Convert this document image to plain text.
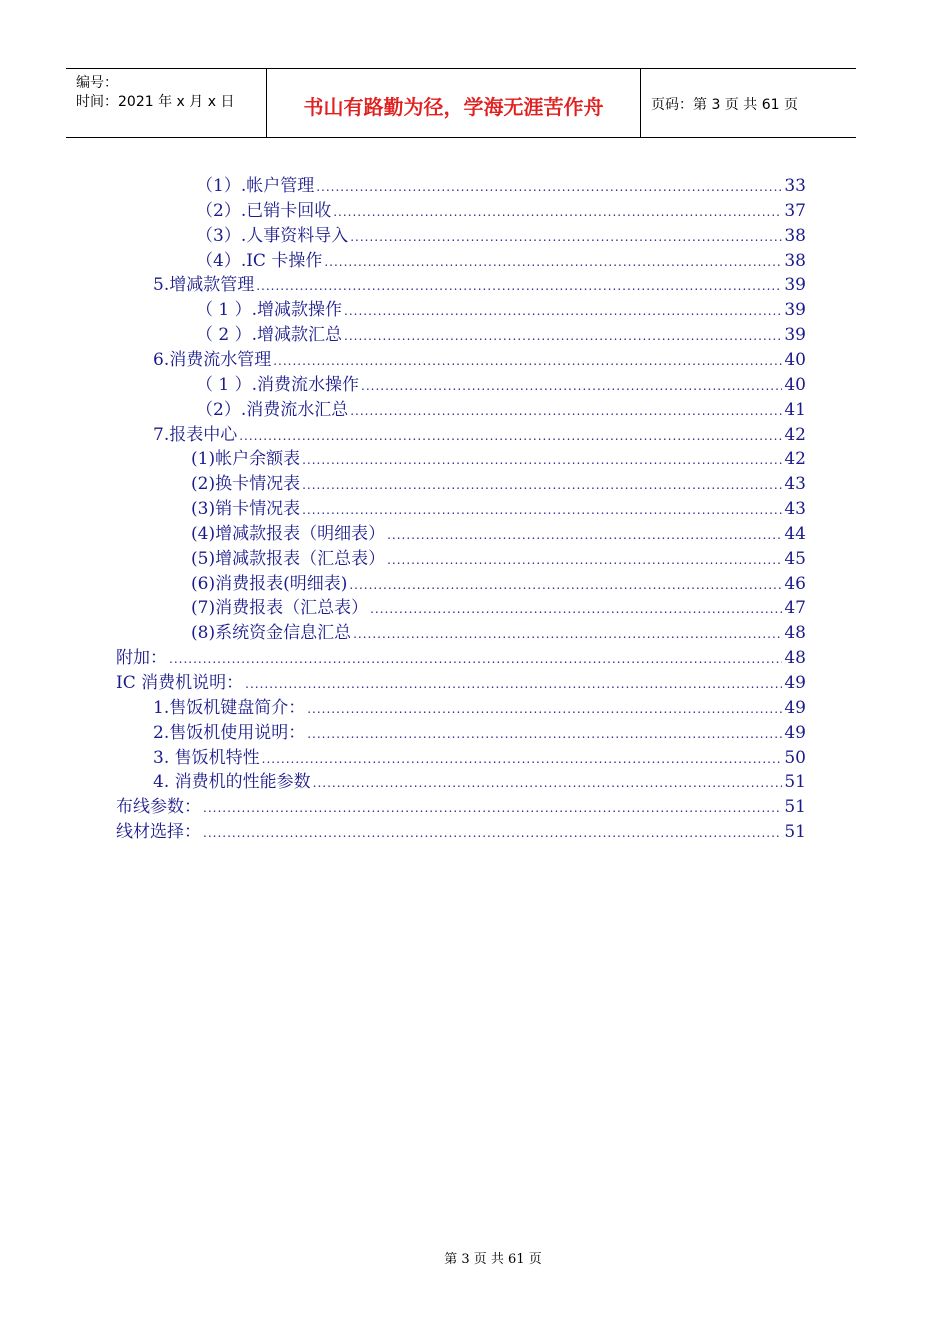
编号：
时间：2021 年 x 月 x 日	书山有路勤为径，学海无涯苦作舟	页码：第 3 页 共 61 页
（1）.帐户管理 .....	33
（2）.已销卡回收 .....	37
（3）.人事资料导入 .....	38
（4）.IC 卡操作 .....	38
5.增减款管理 .....	39
（ 1 ）.增减款操作 .....	39
（ 2 ）.增减款汇总 .....	39
6.消费流水管理 .....	40
（ 1 ）.消费流水操作 .....	40
（2）.消费流水汇总 .....	41
7.报表中心 .....	42
(1)帐户余额表 .....	42
(2)换卡情况表 .....	43
(3)销卡情况表 .....	43
(4)增减款报表（明细表） .....	44
(5)增减款报表（汇总表） .....	45
(6)消费报表(明细表) .....	46
(7)消费报表（汇总表） .....	47
(8)系统资金信息汇总 .....	48
附加： .....	48
IC 消费机说明： .....	49
1.售饭机键盘简介： .....	49
2.售饭机使用说明： .....	49
3. 售饭机特性 .....	50
4. 消费机的性能参数 .....	51
布线参数： .....	51
线材选择： .....	51
第 3 页 共 61 页
